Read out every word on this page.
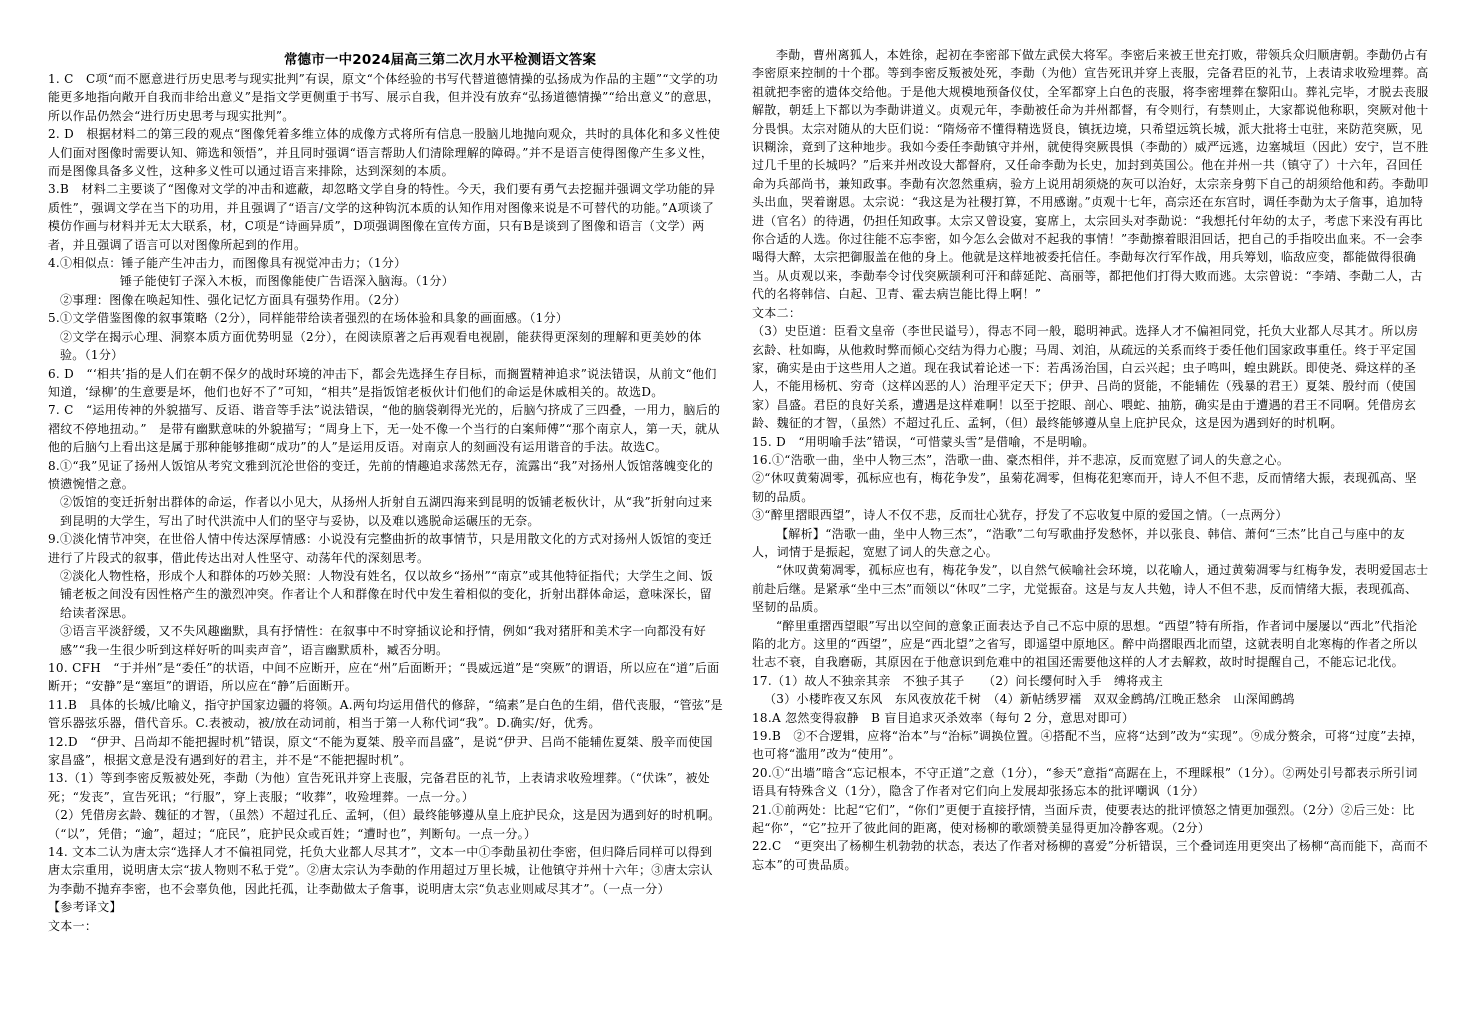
常德市一中2024届高三第二次月水平检测语文答案

1. C　C项“而不愿意进行历史思考与现实批判”有误，原文“个体经验的书写代替道德情操的弘扬成为作品的主题”“文学的功能更多地指向敞开自我而非给出意义”是指文学更侧重于书写、展示自我，但并没有放弃“弘扬道德情操”“给出意义”的意思，所以作品仍然会“进行历史思考与现实批判”。

2. D　根据材料二的第三段的观点“图像凭着多维立体的成像方式将所有信息一股脑儿地抛向观众，共时的具体化和多义性使人们面对图像时需要认知、筛选和领悟”，并且同时强调“语言帮助人们清除理解的障碍。”并不是语言使得图像产生多义性，而是图像具备多义性，这种多义性可以通过语言来排除，达到深刻的本质。

3.B　材料二主要谈了“图像对文学的冲击和遮蔽，却忽略文学自身的特性。今天，我们要有勇气去挖掘并强调文学功能的异质性”，强调文学在当下的功用，并且强调了“语言/文学的这种钩沉本质的认知作用对图像来说是不可替代的功能。”A项谈了模仿作画与材料并无太大联系，材，C项是“诗画异质”，D项强调图像在宣传方面，只有B是谈到了图像和语言（文学）两者，并且强调了语言可以对图像所起到的作用。

4.①相似点：锤子能产生冲击力，而图像具有视觉冲击力；（1分）

锤子能使钉子深入木板，而图像能使广告语深入脑海。（1分）

②事理：图像在唤起知性、强化记忆方面具有强势作用。（2分）

5.①文学借鉴图像的叙事策略（2分），同样能带给读者强烈的在场体验和具象的画面感。（1分）

②文学在揭示心理、洞察本质方面优势明显（2分），在阅读原著之后再观看电视剧，能获得更深刻的理解和更美妙的体验。（1分）

6. D　“‘相共’指的是人们在朝不保夕的战时环境的冲击下，都会先选择生存目标，而搁置精神追求”说法错误，从前文“他们知道，‘绿柳’的生意要是坏，他们也好不了”可知，“相共”是指饭馆老板伙计们他们的命运是休戚相关的。故选D。

7. C　“运用传神的外貌描写、反语、谐音等手法”说法错误，“他的脑袋剃得光光的，后脑勺挤成了三四叠，一用力，脑后的褶纹不停地扭动。”　是带有幽默意味的外貌描写；“周身上下，无一处不像一个当行的白案师傅”“那个南京人，第一天，就从他的后脑勺上看出这是属于那种能够推砌“成功”的人”是运用反语。对南京人的刻画没有运用谐音的手法。故选C。

8.①“我”见证了扬州人饭馆从考究文雅到沉沦世俗的变迁，先前的情趣追求荡然无存，流露出“我”对扬州人饭馆落魄变化的愤懑惋惜之意。

②饭馆的变迁折射出群体的命运，作者以小见大，从扬州人折射自五湖四海来到昆明的饭铺老板伙计，从“我”折射向过来到昆明的大学生，写出了时代洪流中人们的坚守与妥协，以及难以逃脱命运碾压的无奈。

9.①淡化情节冲突，在世俗人情中传达深厚情感：小说没有完整曲折的故事情节，只是用散文化的方式对扬州人饭馆的变迁进行了片段式的叙事，借此传达出对人性坚守、动荡年代的深刻思考。

②淡化人物性格，形成个人和群体的巧妙关照：人物没有姓名，仅以故乡“扬州”“南京”或其他特征指代；大学生之间、饭铺老板之间没有因性格产生的激烈冲突。作者让个人和群像在时代中发生着相似的变化，折射出群体命运，意味深长，留给读者深思。

③语言平淡舒缓，又不失风趣幽默，具有抒情性：在叙事中不时穿插议论和抒情，例如“我对猪肝和美术字一向都没有好感”“我一生很少听到这样好听的叫卖声音”，语言幽默质朴，臧否分明。

10. CFH　“于并州”是“委任”的状语，中间不应断开，应在“州”后面断开；“畏威远道”是“突厥”的谓语，所以应在“道”后面断开；“安静”是“塞垣”的谓语，所以应在“静”后面断开。

11.B　具体的长城/比喻义，指守护国家边疆的将领。A.两句均运用借代的修辞，“缟素”是白色的生绢，借代丧服，“管弦”是管乐器弦乐器，借代音乐。C.表被动，被/放在动词前，相当于第一人称代词“我”。D.确实/好，优秀。

12.D　“伊尹、吕尚却不能把握时机”错误，原文“不能为夏桀、殷辛而昌盛”，是说“伊尹、吕尚不能辅佐夏桀、殷辛而使国家昌盛”，根据文意是没有遇到好的君主，并不是“不能把握时机”。

13.（1）等到李密反叛被处死，李勣（为他）宣告死讯并穿上丧服，完备君臣的礼节，上表请求收殓埋葬。（“伏诛”，被处死；“发丧”，宣告死讯；“行服”，穿上丧服；“收葬”，收殓埋葬。一点一分。）

（2）凭借房玄龄、魏征的才智，（虽然）不超过孔丘、孟轲，（但）最终能够遵从皇上庇护民众，这是因为遇到好的时机啊。

（“以”，凭借；“逾”，超过；“庇民”，庇护民众或百姓；“遭时也”，判断句。一点一分。）

14. 文本二认为唐太宗“选择人才不偏祖同党，托负大业都人尽其才”，文本一中①李勣虽初仕李密，但归降后同样可以得到唐太宗重用，说明唐太宗“拔人物则不私于党”。②唐太宗认为李勣的作用超过万里长城，让他镇守并州十六年；③唐太宗认为李勣不抛弃李密，也不会辜负他，因此托孤，让李勣做太子詹事，说明唐太宗“负志业则咸尽其才”。（一点一分）

【参考译文】

文本一：

李勣，曹州离狐人，本姓徐，起初在李密部下做左武侯大将军。李密后来被王世充打败，带领兵众归顺唐朝。李勣仍占有李密原来控制的十个郡。等到李密反叛被处死，李勣（为他）宣告死讯并穿上丧服，完备君臣的礼节，上表请求收殓埋葬。高祖就把李密的遗体交给他。于是他大规模地预备仪仗，全军都穿上白色的丧服，将李密埋葬在黎阳山。葬礼完毕，才脱去丧服解散，朝廷上下都以为李勣讲道义。贞观元年，李勣被任命为并州都督，有令则行，有禁则止，大家都说他称职，突厥对他十分畏惧。太宗对随从的大臣们说：“隋炀帝不懂得精选贤良，镇抚边境，只希望远筑长城，派大批将士屯驻，来防范突厥，见识糊涂，竟到了这种地步。我如今委任李勣镇守并州，就使得突厥畏惧（李勣的）威严远逃，边塞城垣（因此）安宁，岂不胜过几千里的长城吗？”后来并州改设大都督府，又任命李勣为长史，加封到英国公。他在并州一共（镇守了）十六年，召回任命为兵部尚书，兼知政事。李勣有次忽然重病，验方上说用胡须烧的灰可以治好，太宗亲身剪下自己的胡须给他和药。李勣叩头出血，哭着谢恩。太宗说：“我这是为社稷打算，不用感谢。”贞观十七年，高宗还在东宫时，调任李勣为太子詹事，追加特进（官名）的待遇，仍担任知政事。太宗又曾设宴，宴席上，太宗回头对李勣说：“我想托付年幼的太子，考虑下来没有再比你合适的人选。你过往能不忘李密，如今怎么会做对不起我的事情！”李勣擦着眼泪回话，把自己的手指咬出血来。不一会李喝得大醉，太宗把御服盖在他的身上。他就是这样地被委托信任。李勣每次行军作战，用兵筹划，临敌应变，都能做得很确当。从贞观以来，李勣奉令讨伐突厥颉利可汗和薛延陀、高丽等，都把他们打得大败而逃。太宗曾说：“李靖、李勣二人，古代的名将韩信、白起、卫青、霍去病岂能比得上啊！”

文本二：

（3）史臣道：臣看文皇帝（李世民谥号），得志不同一般，聪明神武。选择人才不偏袒同党，托负大业都人尽其才。所以房玄龄、杜如晦，从他救时弊而倾心交结为得力心腹；马周、刘洎，从疏远的关系而终于委任他们国家政事重任。终于平定国家，确实是由于这些用人之道。现在我试着论述一下：若禹汤治国，白云兴起；虫子鸣叫，蝗虫跳跃。即使尧、舜这样的圣人，不能用杨杌、穷奇（这样凶恶的人）治理平定天下；伊尹、吕尚的贤能，不能辅佐（残暴的君王）夏桀、殷纣而（使国家）昌盛。君臣的良好关系，遭遇是这样难啊！以至于挖眼、剖心、喂蛇、抽筋，确实是由于遭遇的君王不同啊。凭借房玄龄、魏征的才智，（虽然）不超过孔丘、孟轲，（但）最终能够遵从皇上庇护民众，这是因为遇到好的时机啊。

15. D　“用明喻手法”错误，“可惜蒙头雪”是借喻，不是明喻。

16.①“浩歌一曲，坐中人物三杰”，浩歌一曲、豪杰相伴，并不悲凉，反而宽慰了词人的失意之心。

②“休叹黄菊凋零，孤标应也有，梅花争发”，虽菊花凋零，但梅花犯寒而开，诗人不但不悲，反而情绪大振，表现孤高、坚韧的品质。

③“醉里摺眼西望”，诗人不仅不悲，反而壮心犹存，抒发了不忘收复中原的爱国之情。（一点两分）

【解析】“浩歌一曲，坐中人物三杰”，“浩歌”二句写歌曲抒发愁怀，并以张良、韩信、萧何“三杰”比自己与座中的友人，词情于是振起，宽慰了词人的失意之心。

“休叹黄菊凋零，孤标应也有，梅花争发”，以自然气候喻社会环境，以花喻人，通过黄菊凋零与红梅争发，表明爱国志士前赴后继。是紧承“坐中三杰”而领以“休叹”二字，尤觉振奋。这是与友人共勉，诗人不但不悲，反而情绪大振，表现孤高、坚韧的品质。

“醉里重摺西望眼”写出以空间的意象正面表达予自己不忘中原的思想。“西望”特有所指，作者词中屡屡以“西北”代指沦陷的北方。这里的“西望”，应是“西北望”之省写，即遥望中原地区。醉中尚摺眼西北而望，这就表明自北寒梅的作者之所以壮志不衰，自我磨砺，其原因在于他意识到危难中的祖国还需要他这样的人才去解救，故时时提醒自己，不能忘记北伐。

17.（1）故人不独亲其亲　不独子其子　　（2）问长缨何时入手　缚将戎主

（3）小楼昨夜又东风　东风夜放花千树　（4）新帖绣罗襦　双双金鹧鸪/江晚正愁余　山深闻鹧鸪

18.A 忽然变得寂静　B 盲目追求灭杀效率（每句 2 分，意思对即可）

19.B　②不合逻辑，应将“治本”与“治标”调换位置。④搭配不当，应将“达到”改为“实现”。⑨成分赘余，可将“过度”去掉，也可将“滥用”改为“使用”。

20.①“出墙”暗含“忘记根本，不守正道”之意（1分），“参天”意指“高踞在上，不理睬根”（1分）。②两处引号都表示所引词语具有特殊含义（1分），隐含了作者对它们向上发展却张扬忘本的批评嘲讽（1分）

21.①前两处：比起“它们”，“你们”更便于直接抒情，当面斥责，使要表达的批评愤怒之情更加强烈。（2分）②后三处：比起“你”，“它”拉开了彼此间的距离，使对杨柳的歌颂赞美显得更加冷静客观。（2分）

22.C　“更突出了杨柳生机勃勃的状态，表达了作者对杨柳的喜爱”分析错误，三个叠词连用更突出了杨柳“高而能下，高而不忘本”的可贵品质。
